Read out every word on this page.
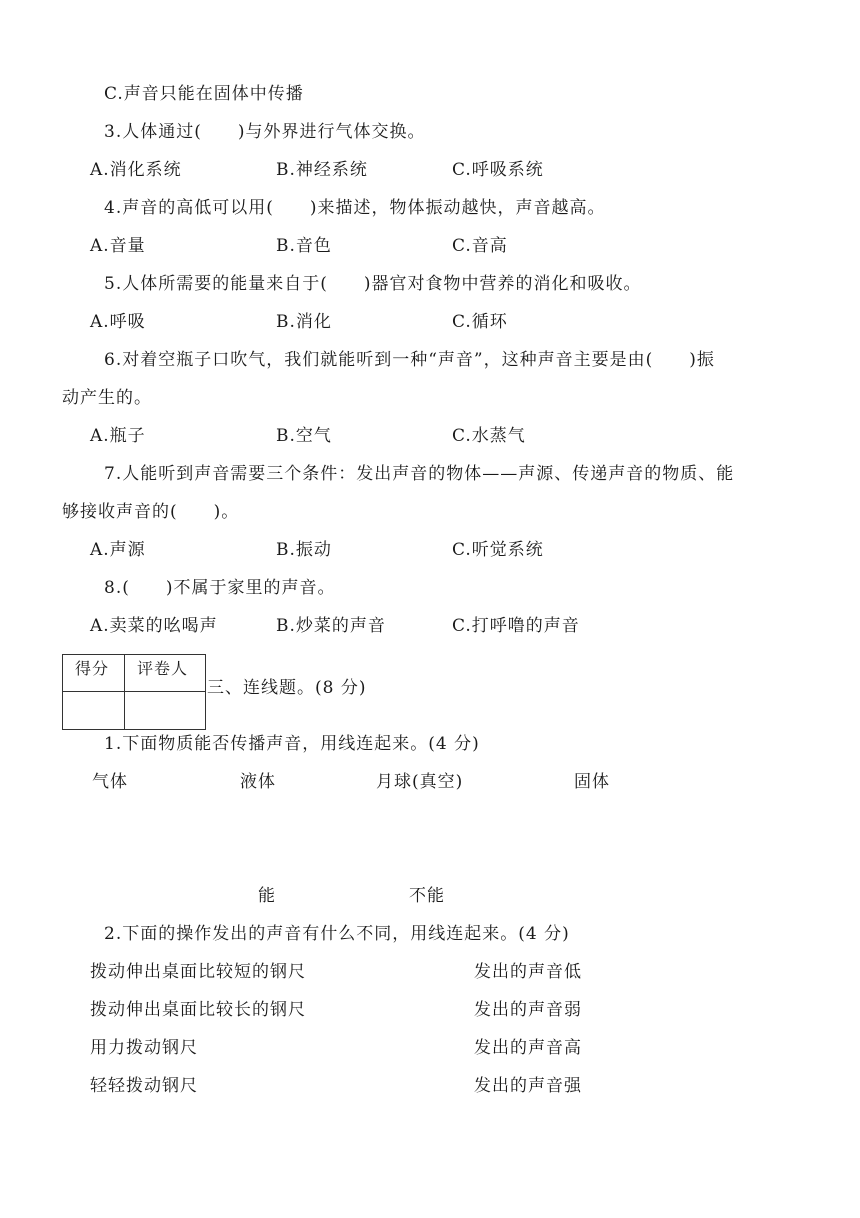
C.声音只能在固体中传播
3.人体通过(　　)与外界进行气体交换。
A.消化系统	B.神经系统	C.呼吸系统
4.声音的高低可以用(　　)来描述，物体振动越快，声音越高。
A.音量	B.音色	C.音高
5.人体所需要的能量来自于(　　)器官对食物中营养的消化和吸收。
A.呼吸	B.消化	C.循环
6.对着空瓶子口吹气，我们就能听到一种“声音”，这种声音主要是由(　　)振
动产生的。
A.瓶子	B.空气	C.水蒸气
7.人能听到声音需要三个条件：发出声音的物体——声源、传递声音的物质、能
够接收声音的(　　)。
A.声源	B.振动	C.听觉系统
8.(　　)不属于家里的声音。
A.卖菜的吆喝声	B.炒菜的声音	C.打呼噜的声音
得分 评卷人
三、连线题。(8 分)
1.下面物质能否传播声音，用线连起来。(4 分)
气体	液体	月球(真空)	固体
能	不能
2.下面的操作发出的声音有什么不同，用线连起来。(4 分)
拨动伸出桌面比较短的钢尺	发出的声音低
拨动伸出桌面比较长的钢尺	发出的声音弱
用力拨动钢尺	发出的声音高
轻轻拨动钢尺	发出的声音强
